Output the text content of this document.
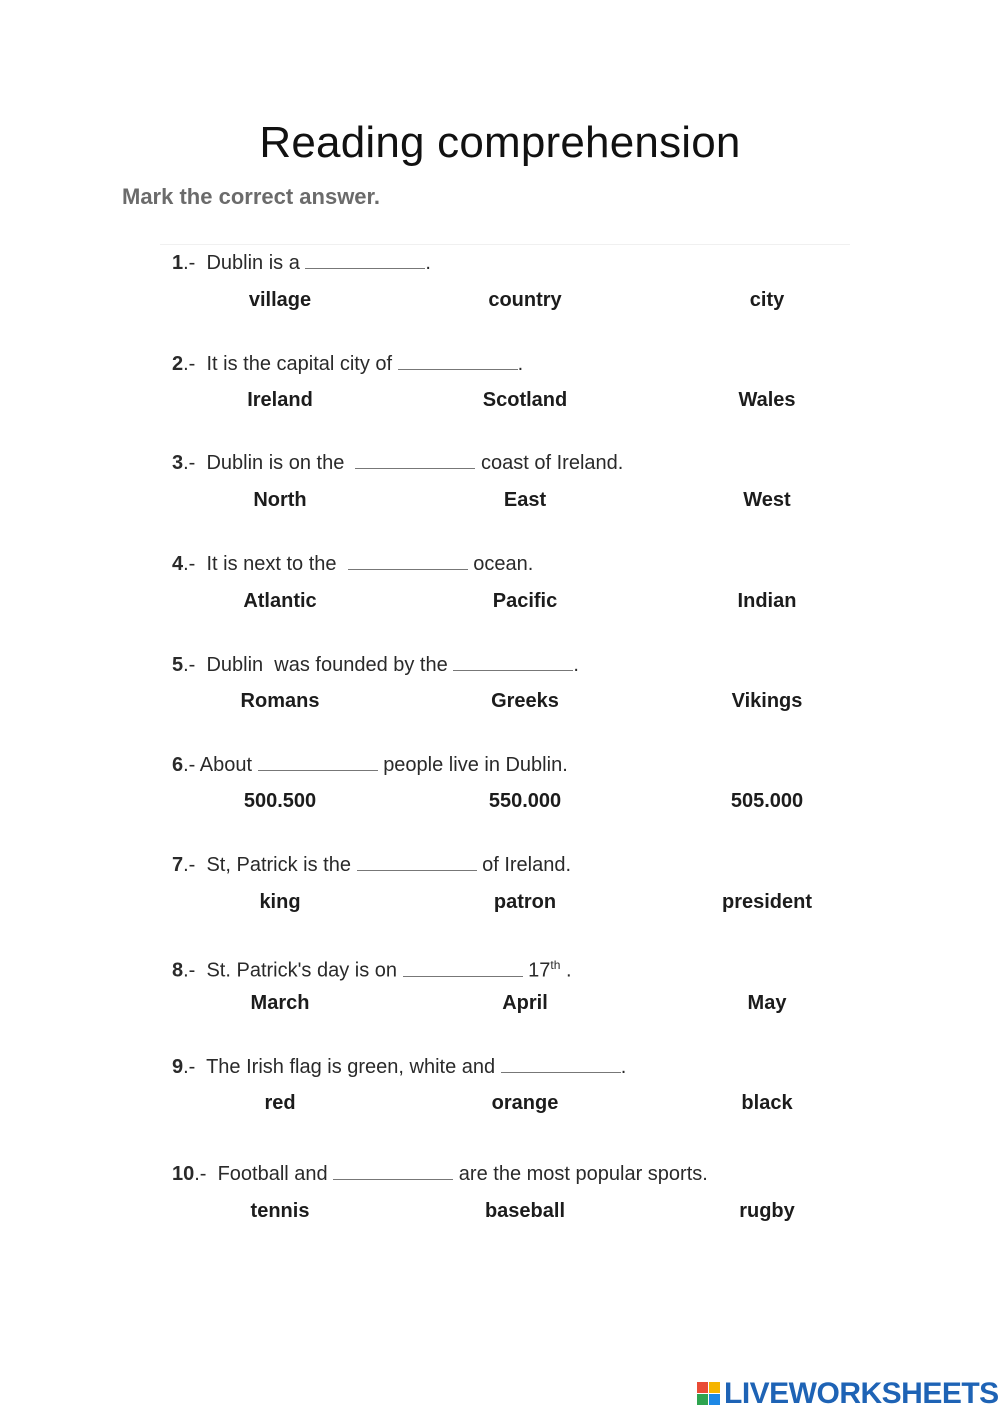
Reading comprehension
Mark the correct answer.
1.-  Dublin is a	.
village	country	city
2.-  It is the capital city of	.
Ireland	Scotland	Wales
3.-  Dublin is on the	coast of Ireland.
North	East	West
4.-  It is next to the	ocean.
Atlantic	Pacific	Indian
5.-  Dublin  was founded by the	.
Romans	Greeks	Vikings
6.- About	people live in Dublin.
500.500	550.000	505.000
7.-  St, Patrick is the	of Ireland.
king	patron	president
8.-  St. Patrick's day is on	17th .
March	April	May
9.-  The Irish flag is green, white and	.
red	orange	black
10.-  Football and	are the most popular sports.
tennis	baseball	rugby
LIVEWORKSHEETS
